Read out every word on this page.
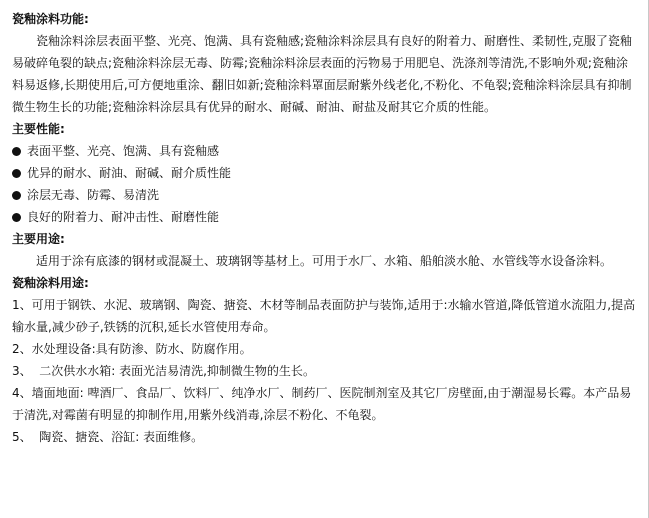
瓷釉涂料功能:
瓷釉涂料涂层表面平整、光亮、饱满、具有瓷釉感;瓷釉涂料涂层具有良好的附着力、耐磨性、柔韧性,克服了瓷釉易破碎龟裂的缺点;瓷釉涂料涂层无毒、防霉;瓷釉涂料涂层表面的污物易于用肥皂、洗涤剂等清洗,不影响外观;瓷釉涂料易返修,长期使用后,可方便地重涂、翻旧如新;瓷釉涂料罩面层耐紫外线老化,不粉化、不龟裂;瓷釉涂料涂层具有抑制微生物生长的功能;瓷釉涂料涂层具有优异的耐水、耐碱、耐油、耐盐及耐其它介质的性能。
主要性能:
表面平整、光亮、饱满、具有瓷釉感
优异的耐水、耐油、耐碱、耐介质性能
涂层无毒、防霉、易清洗
良好的附着力、耐冲击性、耐磨性能
主要用途:
适用于涂有底漆的钢材或混凝土、玻璃钢等基材上。可用于水厂、水箱、船舶淡水舱、水管线等水设备涂料。
瓷釉涂料用途:
1、可用于钢铁、水泥、玻璃钢、陶瓷、搪瓷、木材等制品表面防护与装饰,适用于:水输水管道,降低管道水流阻力,提高输水量,减少砂子,铁锈的沉积,延长水管使用寿命。
2、水处理设备:具有防渗、防水、防腐作用。
3、  二次供水水箱: 表面光洁易清洗,抑制微生物的生长。
4、墙面地面: 啤酒厂、食品厂、饮料厂、纯净水厂、制药厂、医院制剂室及其它厂房壁面,由于潮湿易长霉。本产品易于清洗,对霉菌有明显的抑制作用,用紫外线消毒,涂层不粉化、不龟裂。
5、  陶瓷、搪瓷、浴缸: 表面维修。
